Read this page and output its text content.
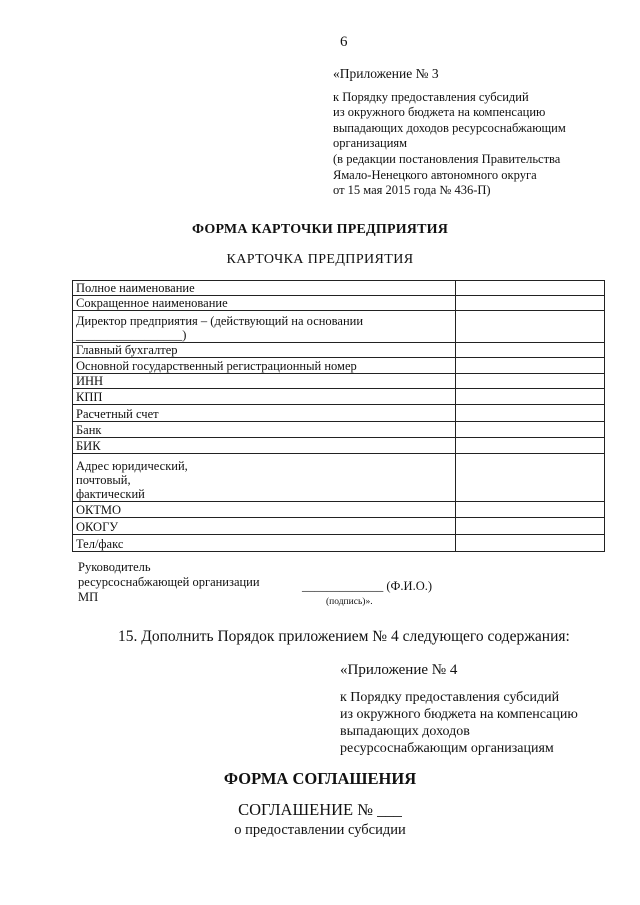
6
«Приложение № 3
к Порядку предоставления субсидий
из окружного бюджета на компенсацию
выпадающих доходов ресурсоснабжающим
организациям
(в редакции постановления Правительства
Ямало-Ненецкого автономного округа
от 15 мая 2015 года № 436-П)
ФОРМА КАРТОЧКИ ПРЕДПРИЯТИЯ
КАРТОЧКА ПРЕДПРИЯТИЯ
Полное наименование	
Сокращенное наименование	

Директор предприятия – (действующий на основании
_________________)	

Главный бухгалтер	
Основной государственный регистрационный номер	
ИНН	
КПП	
Расчетный счет	
Банк	
БИК	

Адрес юридический,
почтовый,
фактический	

ОКТМО	
ОКОГУ	
Тел/факс	
Руководитель
ресурсоснабжающей организации
МП
_____________ (Ф.И.О.)
(подпись)».
15. Дополнить Порядок приложением № 4 следующего содержания:
«Приложение № 4
к Порядку предоставления субсидий
из окружного бюджета на компенсацию
выпадающих доходов
ресурсоснабжающим организациям
ФОРМА СОГЛАШЕНИЯ
СОГЛАШЕНИЕ № ___
о предоставлении субсидии
